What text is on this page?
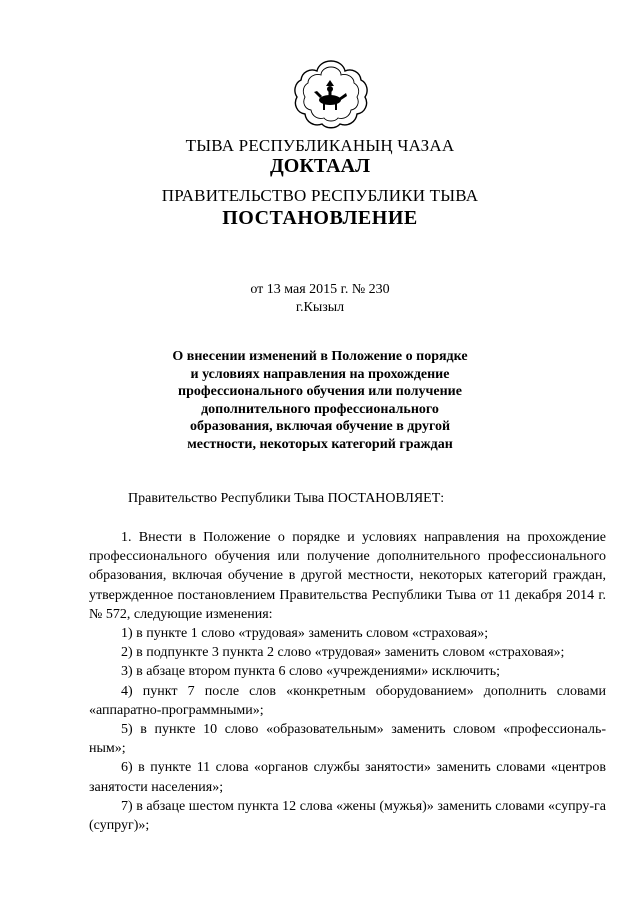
ТЫВА РЕСПУБЛИКАНЫҢ ЧАЗАА
ДОКТААЛ
ПРАВИТЕЛЬСТВО РЕСПУБЛИКИ ТЫВА
ПОСТАНОВЛЕНИЕ
от 13 мая 2015 г. № 230
г.Кызыл
О внесении изменений в Положение о порядке
и условиях направления на прохождение
профессионального обучения или получение
дополнительного профессионального
образования, включая обучение в другой
местности, некоторых категорий граждан
Правительство Республики Тыва ПОСТАНОВЛЯЕТ:

1. Внести в Положение о порядке и условиях направления на прохождение профессионального обучения или получение дополнительного профессионального образования, включая обучение в другой местности, некоторых категорий граждан, утвержденное постановлением Правительства Республики Тыва от 11 декабря 2014 г. № 572, следующие изменения:

1) в пункте 1 слово «трудовая» заменить словом «страховая»;

2) в подпункте 3 пункта 2 слово «трудовая» заменить словом «страховая»;

3) в абзаце втором пункта 6 слово «учреждениями» исключить;

4) пункт 7 после слов «конкретным оборудованием» дополнить словами «аппаратно-программными»;

5) в пункте 10 слово «образовательным» заменить словом «профессиональ-ным»;

6) в пункте 11 слова «органов службы занятости» заменить словами «центров занятости населения»;

7) в абзаце шестом пункта 12 слова «жены (мужья)» заменить словами «супру-га (супруг)»;
